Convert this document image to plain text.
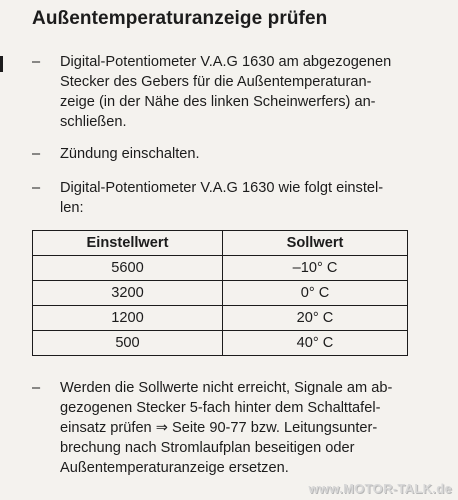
Außentemperaturanzeige prüfen
– Digital-Potentiometer V.A.G 1630 am abgezogenen
Stecker des Gebers für die Außentemperaturan-
zeige (in der Nähe des linken Scheinwerfers) an-
schließen.
– Zündung einschalten.
– Digital-Potentiometer V.A.G 1630 wie folgt einstel-
len:
Einstellwert	Sollwert
5600	–10° C
3200	0° C
1200	20° C
500	40° C
– Werden die Sollwerte nicht erreicht, Signale am ab-
gezogenen Stecker 5-fach hinter dem Schalttafel-
einsatz prüfen ⇒ Seite 90-77 bzw. Leitungsunter-
brechung nach Stromlaufplan beseitigen oder
Außentemperaturanzeige ersetzen.
www.MOTOR-TALK.de
